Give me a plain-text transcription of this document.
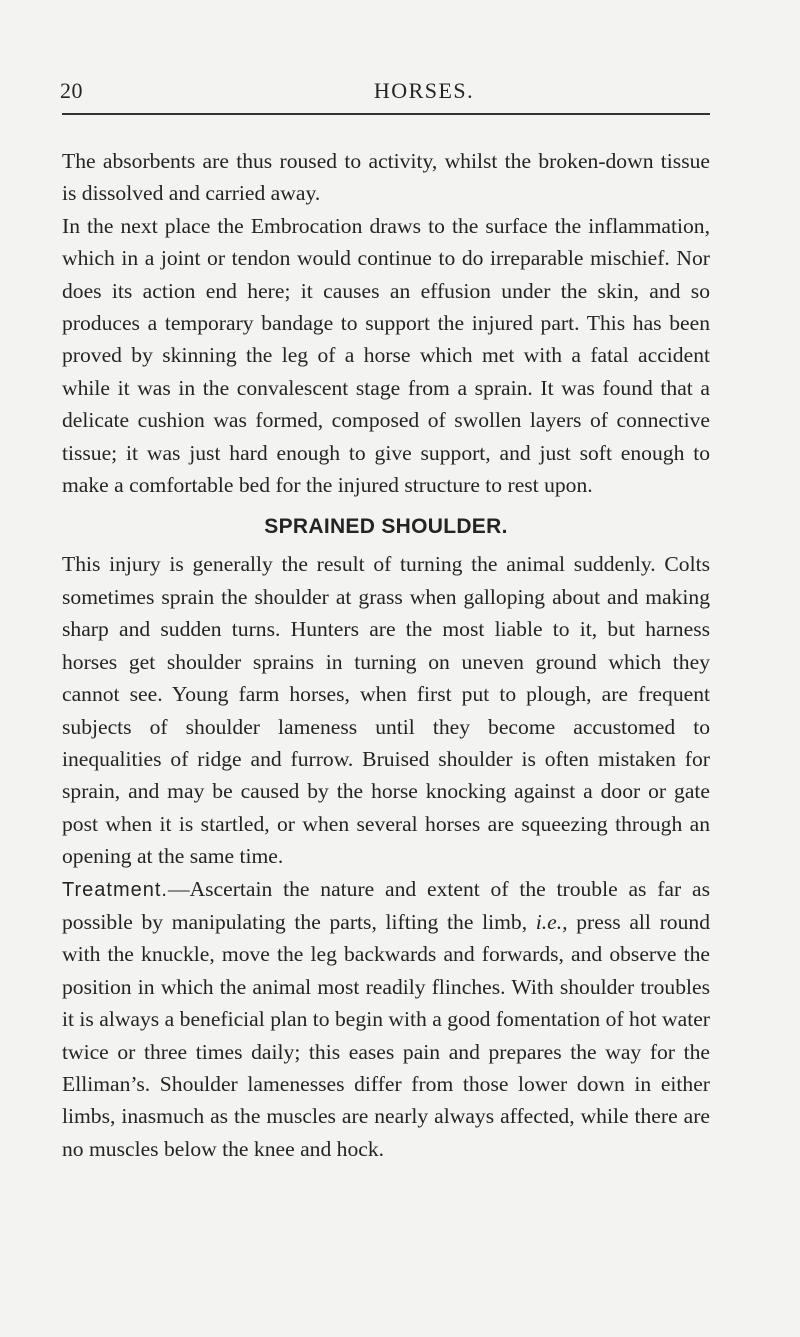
20	HORSES.

The absorbents are thus roused to activity, whilst the broken-down tissue is dissolved and carried away.

In the next place the Embrocation draws to the surface the inflammation, which in a joint or tendon would continue to do irreparable mischief. Nor does its action end here; it causes an effusion under the skin, and so produces a temporary bandage to support the injured part. This has been proved by skinning the leg of a horse which met with a fatal accident while it was in the convalescent stage from a sprain. It was found that a delicate cushion was formed, composed of swollen layers of connective tissue; it was just hard enough to give support, and just soft enough to make a comfortable bed for the injured structure to rest upon.

SPRAINED SHOULDER.

This injury is generally the result of turning the animal suddenly. Colts sometimes sprain the shoulder at grass when galloping about and making sharp and sudden turns. Hunters are the most liable to it, but harness horses get shoulder sprains in turning on uneven ground which they cannot see. Young farm horses, when first put to plough, are frequent subjects of shoulder lameness until they become accustomed to inequalities of ridge and furrow. Bruised shoulder is often mistaken for sprain, and may be caused by the horse knocking against a door or gate post when it is startled, or when several horses are squeezing through an opening at the same time.

Treatment.—Ascertain the nature and extent of the trouble as far as possible by manipulating the parts, lifting the limb, i.e., press all round with the knuckle, move the leg backwards and forwards, and observe the position in which the animal most readily flinches. With shoulder troubles it is always a beneficial plan to begin with a good fomentation of hot water twice or three times daily; this eases pain and prepares the way for the Elliman’s. Shoulder lamenesses differ from those lower down in either limbs, inasmuch as the muscles are nearly always affected, while there are no muscles below the knee and hock.
